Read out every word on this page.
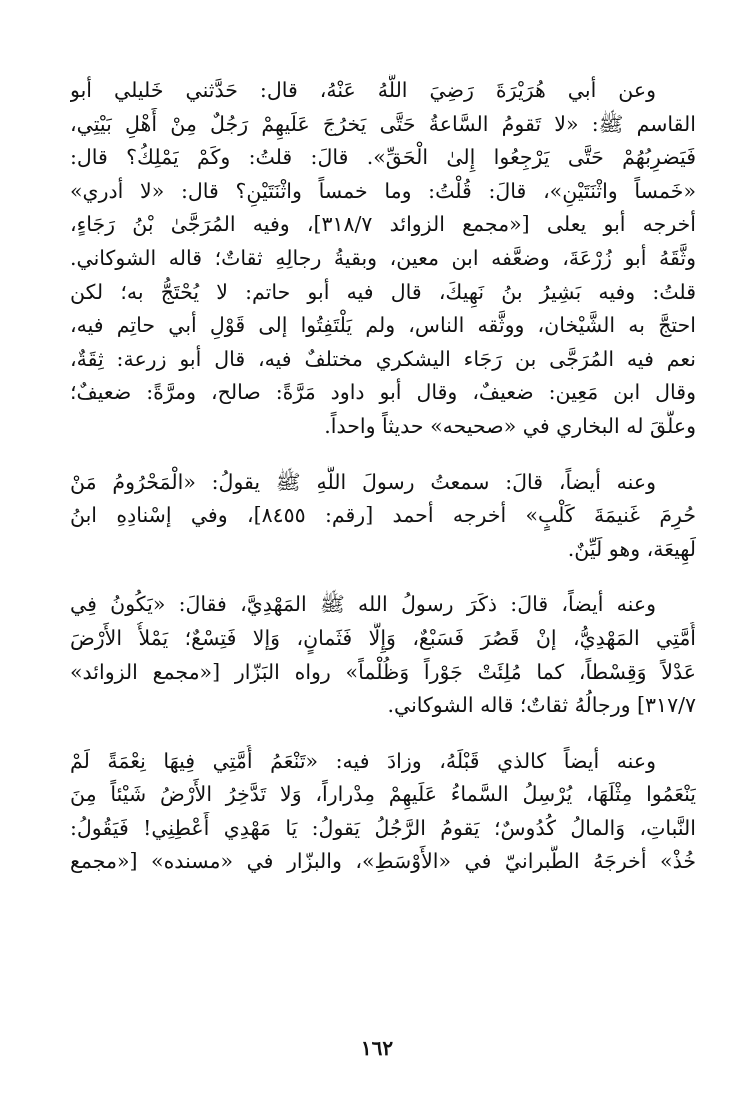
وعن أبي هُرَيْرَةَ رَضِيَ اللَّهُ عَنْهُ، قال: حَدَّثني خَليلي أبو
القاسم ﷺ: «لا تَقومُ السَّاعةُ حَتَّى يَخرُجَ عَلَيهِمْ رَجُلٌ مِنْ أَهْلِ بَيْتِي،
فَيَضرِبُهُمْ حَتَّى يَرْجِعُوا إِلىٰ الْحَقِّ». قالَ: قلتُ: وكَمْ يَمْلِكُ؟ قال:
«خَمساً واثْنَتَيْنِ»، قالَ: قُلْتُ: وما خمساً واثْنَتَيْنِ؟ قال: «لا أدري»
أخرجه أبو يعلى [«مجمع الزوائد ٣١٨/٧]، وفيه المُرَجَّىٰ بْنُ رَجَاءٍ،
وثَّقَهُ أبو زُرْعَةَ، وضعَّفه ابن معين، وبقيةُ رجالِهِ ثقاتٌ؛ قاله الشوكاني.
قلتُ: وفيه بَشِيرُ بنُ نَهِيكَ، قال فيه أبو حاتم: لا يُحْتَجُّ به؛ لكن
احتجَّ به الشَّيْخان، ووثَّقه الناس، ولم يَلْتَفِتُوا إلى قَوْلِ أبي حاتِم فيه،
نعم فيه المُرَجَّى بن رَجَاء اليشكري مختلفٌ فيه، قال أبو زرعة: ثِقَةٌ،
وقال ابن مَعِين: ضعيفٌ، وقال أبو داود مَرَّةً: صالح، ومرَّةً: ضعيفٌ؛
وعلَّقَ له البخاري في «صحيحه» حديثاً واحداً.
وعنه أيضاً، قالَ: سمعتُ رسولَ اللَّهِ ﷺ يقولُ: «الْمَحْرُومُ مَنْ
حُرِمَ غَنيمَةَ كَلْبٍ» أخرجه أحمد [رقم: ٨٤٥٥]، وفي إسْنادِهِ ابنُ
لَهِيعَة، وهو لَيِّنٌ.
وعنه أيضاً، قالَ: ذكَرَ رسولُ الله ﷺ المَهْدِيَّ، فقالَ: «يَكُونُ فِي
أُمَّتِي المَهْدِيُّ، إنْ قَصُرَ فَسَبْعٌ، وَإِلَّا فَثَمانٍ، وَإلا فَتِسْعٌ؛ يَمْلأُ الأَرْضَ
عَدْلاً وَقِسْطاً، كما مُلِئَتْ جَوْراً وَظُلْماً» رواه البَزّار [«مجمع الزوائد»
٣١٧/٧] ورجالُهُ ثقاتٌ؛ قاله الشوكاني.
وعنه أيضاً كالذي قَبْلَهُ، وزادَ فيه: «تَنْعَمُ أُمَّتِي فِيهَا نِعْمَةً لَمْ
يَنْعَمُوا مِثْلَهَا، يُرْسِلُ السَّماءُ عَلَيهِمْ مِدْراراً، وَلا تَدَّخِرُ الأَرْضُ شَيْئاً مِنَ
النَّباتِ، وَالمالُ كُدُوسٌ؛ يَقومُ الرَّجُلُ يَقولُ: يَا مَهْدِي أَعْطِنِي! فَيَقُولُ:
خُذْ» أخرجَهُ الطَّبرانيّ في «الأَوْسَطِ»، والبزّار في «مسنده» [«مجمع
١٦٢
